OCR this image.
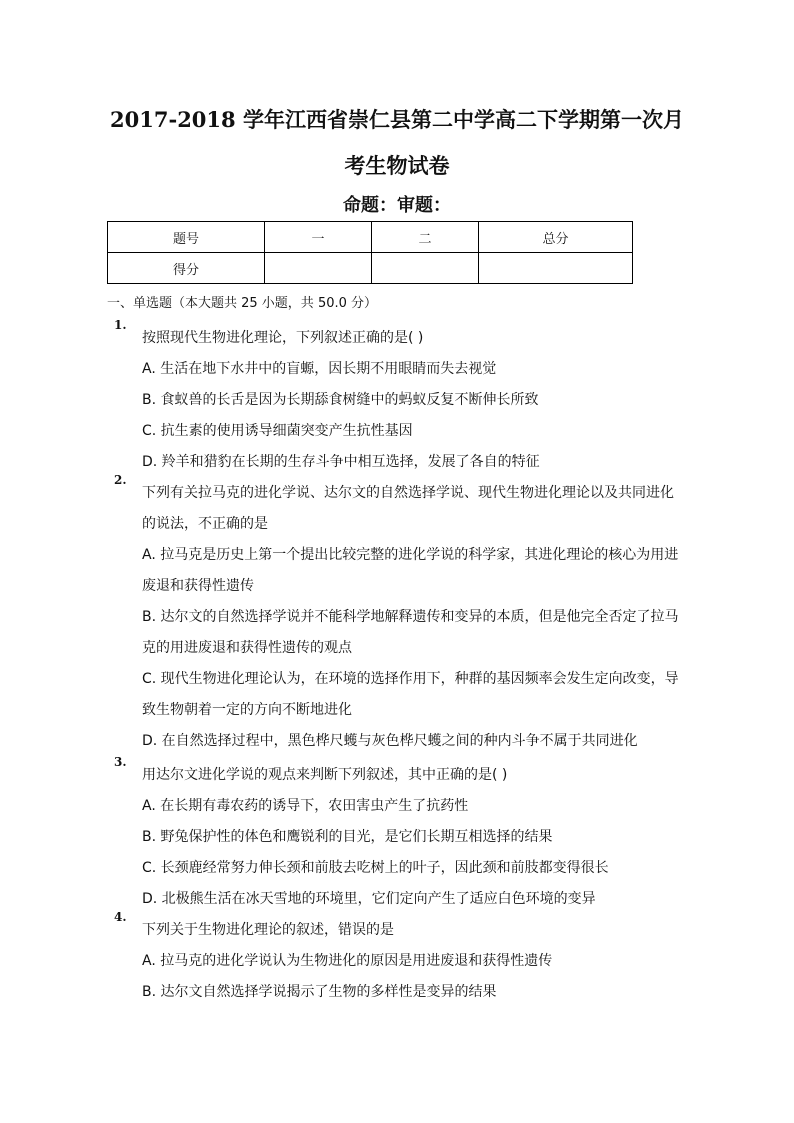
2017-2018 学年江西省崇仁县第二中学高二下学期第一次月
考生物试卷
命题：审题：
题号	一	二	总分
得分			
一、单选题（本大题共 25 小题，共 50.0 分）
1.
按照现代生物进化理论，下列叙述正确的是( )
A. 生活在地下水井中的盲螈，因长期不用眼睛而失去视觉
B. 食蚁兽的长舌是因为长期舔食树缝中的蚂蚁反复不断伸长所致
C. 抗生素的使用诱导细菌突变产生抗性基因
D. 羚羊和猎豹在长期的生存斗争中相互选择，发展了各自的特征
2.
下列有关拉马克的进化学说、达尔文的自然选择学说、现代生物进化理论以及共同进化
的说法，不正确的是
A. 拉马克是历史上第一个提出比较完整的进化学说的科学家，其进化理论的核心为用进
废退和获得性遗传
B. 达尔文的自然选择学说并不能科学地解释遗传和变异的本质，但是他完全否定了拉马
克的用进废退和获得性遗传的观点
C. 现代生物进化理论认为，在环境的选择作用下，种群的基因频率会发生定向改变，导
致生物朝着一定的方向不断地进化
D. 在自然选择过程中，黑色桦尺蠖与灰色桦尺蠖之间的种内斗争不属于共同进化
3.
用达尔文进化学说的观点来判断下列叙述，其中正确的是( )
A. 在长期有毒农药的诱导下，农田害虫产生了抗药性
B. 野兔保护性的体色和鹰锐利的目光，是它们长期互相选择的结果
C. 长颈鹿经常努力伸长颈和前肢去吃树上的叶子，因此颈和前肢都变得很长
D. 北极熊生活在冰天雪地的环境里，它们定向产生了适应白色环境的变异
4.
下列关于生物进化理论的叙述，错误的是
A. 拉马克的进化学说认为生物进化的原因是用进废退和获得性遗传
B. 达尔文自然选择学说揭示了生物的多样性是变异的结果
